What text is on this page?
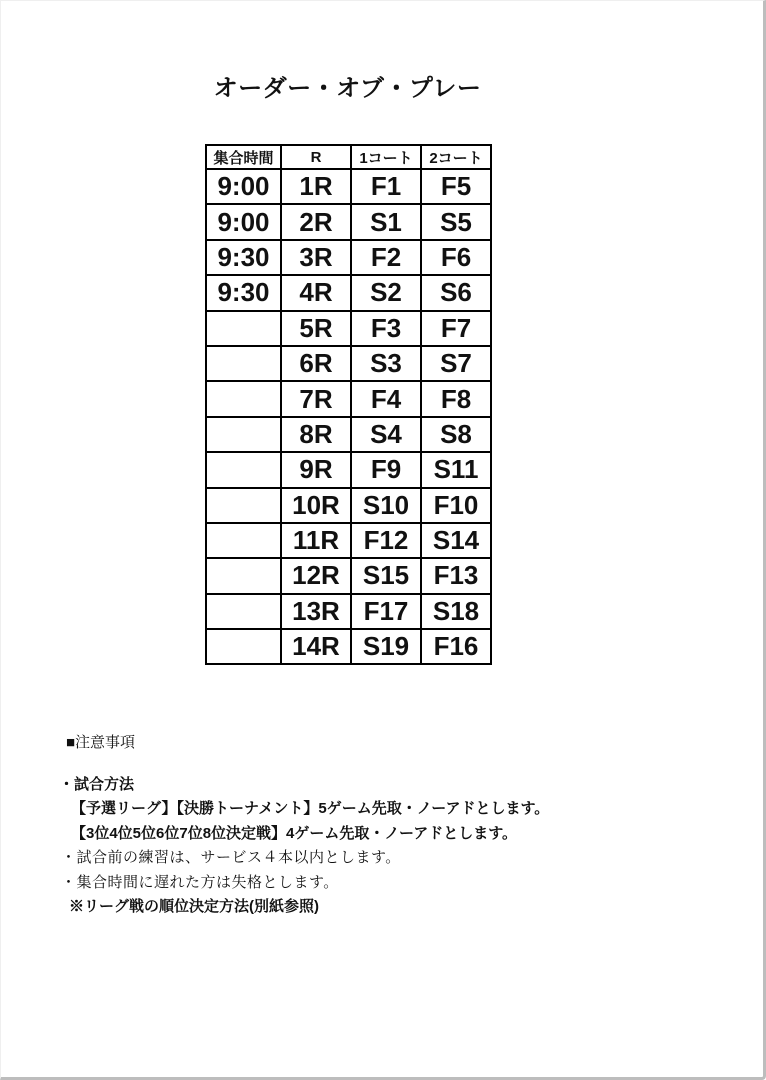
オーダー・オブ・プレー
集合時間	R	1コート	2コート
9:00	1R	F1	F5
9:00	2R	S1	S5
9:30	3R	F2	F6
9:30	4R	S2	S6
	5R	F3	F7
	6R	S3	S7
	7R	F4	F8
	8R	S4	S8
	9R	F9	S11
	10R	S10	F10
	11R	F12	S14
	12R	S15	F13
	13R	F17	S18
	14R	S19	F16
■注意事項
・試合方法
【予選リーグ】【決勝トーナメント】5ゲーム先取・ノーアドとします。
【3位4位5位6位7位8位決定戦】4ゲーム先取・ノーアドとします。
・試合前の練習は、サービス４本以内とします。
・集合時間に遅れた方は失格とします。
※リーグ戦の順位決定方法(別紙参照)
